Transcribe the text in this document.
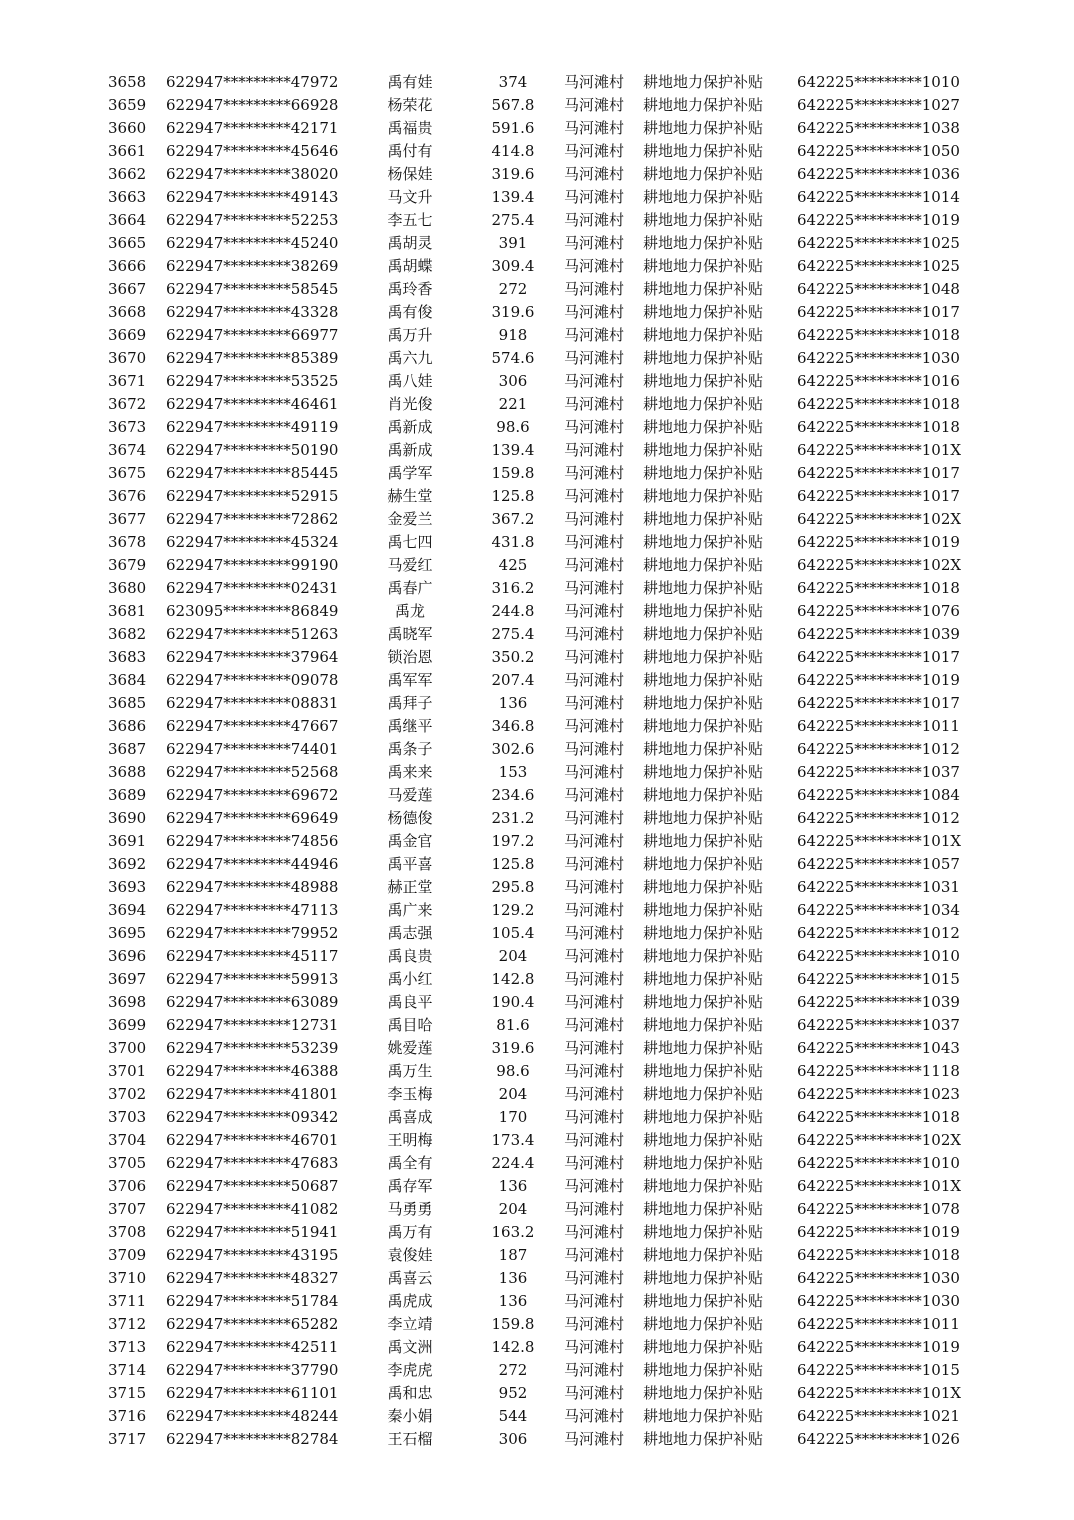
3658 622947*********47972	禹有娃	374	马河滩村 耕地地力保护补贴 642225*********1010
3659 622947*********66928	杨荣花	567.8	马河滩村 耕地地力保护补贴 642225*********1027
3660 622947*********42171	禹福贵	591.6	马河滩村 耕地地力保护补贴 642225*********1038
3661 622947*********45646	禹付有	414.8	马河滩村 耕地地力保护补贴 642225*********1050
3662 622947*********38020	杨保娃	319.6	马河滩村 耕地地力保护补贴 642225*********1036
3663 622947*********49143	马文升	139.4	马河滩村 耕地地力保护补贴 642225*********1014
3664 622947*********52253	李五七	275.4	马河滩村 耕地地力保护补贴 642225*********1019
3665 622947*********45240	禹胡灵	391	马河滩村 耕地地力保护补贴 642225*********1025
3666 622947*********38269	禹胡蝶	309.4	马河滩村 耕地地力保护补贴 642225*********1025
3667 622947*********58545	禹玲香	272	马河滩村 耕地地力保护补贴 642225*********1048
3668 622947*********43328	禹有俊	319.6	马河滩村 耕地地力保护补贴 642225*********1017
3669 622947*********66977	禹万升	918	马河滩村 耕地地力保护补贴 642225*********1018
3670 622947*********85389	禹六九	574.6	马河滩村 耕地地力保护补贴 642225*********1030
3671 622947*********53525	禹八娃	306	马河滩村 耕地地力保护补贴 642225*********1016
3672 622947*********46461	肖光俊	221	马河滩村 耕地地力保护补贴 642225*********1018
3673 622947*********49119	禹新成	98.6	马河滩村 耕地地力保护补贴 642225*********1018
3674 622947*********50190	禹新成	139.4	马河滩村 耕地地力保护补贴 642225*********101X
3675 622947*********85445	禹学军	159.8	马河滩村 耕地地力保护补贴 642225*********1017
3676 622947*********52915	赫生堂	125.8	马河滩村 耕地地力保护补贴 642225*********1017
3677 622947*********72862	金爱兰	367.2	马河滩村 耕地地力保护补贴 642225*********102X
3678 622947*********45324	禹七四	431.8	马河滩村 耕地地力保护补贴 642225*********1019
3679 622947*********99190	马爱红	425	马河滩村 耕地地力保护补贴 642225*********102X
3680 622947*********02431	禹春广	316.2	马河滩村 耕地地力保护补贴 642225*********1018
3681 623095*********86849	禹龙	244.8	马河滩村 耕地地力保护补贴 642225*********1076
3682 622947*********51263	禹晓军	275.4	马河滩村 耕地地力保护补贴 642225*********1039
3683 622947*********37964	锁治恩	350.2	马河滩村 耕地地力保护补贴 642225*********1017
3684 622947*********09078	禹军军	207.4	马河滩村 耕地地力保护补贴 642225*********1019
3685 622947*********08831	禹拜子	136	马河滩村 耕地地力保护补贴 642225*********1017
3686 622947*********47667	禹继平	346.8	马河滩村 耕地地力保护补贴 642225*********1011
3687 622947*********74401	禹条子	302.6	马河滩村 耕地地力保护补贴 642225*********1012
3688 622947*********52568	禹来来	153	马河滩村 耕地地力保护补贴 642225*********1037
3689 622947*********69672	马爱莲	234.6	马河滩村 耕地地力保护补贴 642225*********1084
3690 622947*********69649	杨德俊	231.2	马河滩村 耕地地力保护补贴 642225*********1012
3691 622947*********74856	禹金官	197.2	马河滩村 耕地地力保护补贴 642225*********101X
3692 622947*********44946	禹平喜	125.8	马河滩村 耕地地力保护补贴 642225*********1057
3693 622947*********48988	赫正堂	295.8	马河滩村 耕地地力保护补贴 642225*********1031
3694 622947*********47113	禹广来	129.2	马河滩村 耕地地力保护补贴 642225*********1034
3695 622947*********79952	禹志强	105.4	马河滩村 耕地地力保护补贴 642225*********1012
3696 622947*********45117	禹良贵	204	马河滩村 耕地地力保护补贴 642225*********1010
3697 622947*********59913	禹小红	142.8	马河滩村 耕地地力保护补贴 642225*********1015
3698 622947*********63089	禹良平	190.4	马河滩村 耕地地力保护补贴 642225*********1039
3699 622947*********12731	禹目哈	81.6	马河滩村 耕地地力保护补贴 642225*********1037
3700 622947*********53239	姚爱莲	319.6	马河滩村 耕地地力保护补贴 642225*********1043
3701 622947*********46388	禹万生	98.6	马河滩村 耕地地力保护补贴 642225*********1118
3702 622947*********41801	李玉梅	204	马河滩村 耕地地力保护补贴 642225*********1023
3703 622947*********09342	禹喜成	170	马河滩村 耕地地力保护补贴 642225*********1018
3704 622947*********46701	王明梅	173.4	马河滩村 耕地地力保护补贴 642225*********102X
3705 622947*********47683	禹全有	224.4	马河滩村 耕地地力保护补贴 642225*********1010
3706 622947*********50687	禹存军	136	马河滩村 耕地地力保护补贴 642225*********101X
3707 622947*********41082	马勇勇	204	马河滩村 耕地地力保护补贴 642225*********1078
3708 622947*********51941	禹万有	163.2	马河滩村 耕地地力保护补贴 642225*********1019
3709 622947*********43195	袁俊娃	187	马河滩村 耕地地力保护补贴 642225*********1018
3710 622947*********48327	禹喜云	136	马河滩村 耕地地力保护补贴 642225*********1030
3711 622947*********51784	禹虎成	136	马河滩村 耕地地力保护补贴 642225*********1030
3712 622947*********65282	李立靖	159.8	马河滩村 耕地地力保护补贴 642225*********1011
3713 622947*********42511	禹文洲	142.8	马河滩村 耕地地力保护补贴 642225*********1019
3714 622947*********37790	李虎虎	272	马河滩村 耕地地力保护补贴 642225*********1015
3715 622947*********61101	禹和忠	952	马河滩村 耕地地力保护补贴 642225*********101X
3716 622947*********48244	秦小娟	544	马河滩村 耕地地力保护补贴 642225*********1021
3717 622947*********82784	王石榴	306	马河滩村 耕地地力保护补贴 642225*********1026
